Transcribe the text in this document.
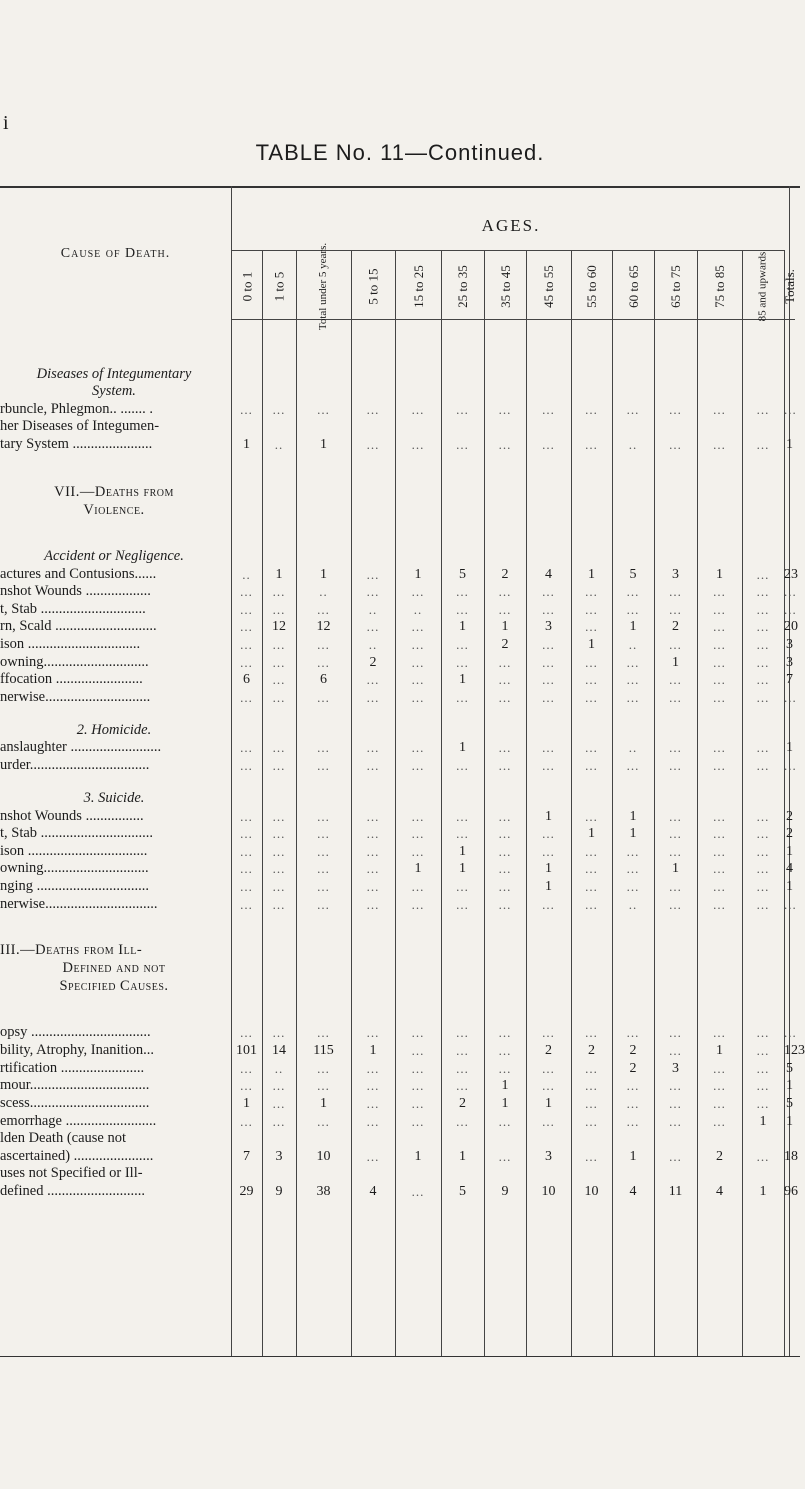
i
TABLE No. 11—Continued.
AGES.
Cause of Death.
0 to 1 1 to 5	Total under 5 years.	5 to 15 15 to 25 25 to 35 35 to 45 45 to 55 55 to 60 60 to 65 65 to 75 75 to 85	85 and upwards Totals.
Diseases of Integumentary
System.
rbuncle, Phlegmon.. ....... .	...	...	...	...	...	...	...	...	...	...	...	...	...	...
her Diseases of Integumen-
tary System ......................	1	..	1	...	...	...	...	...	...	..	...	...	...	1
VII.—Deaths from
Violence.
Accident or Negligence.
actures and Contusions......	..	1	1	...	1	5	2	4	1	5	3	1	...	23
nshot Wounds ..................	...	...	..	...	...	...	...	...	...	...	...	...	...	...
t, Stab .............................	...	...	...	..	..	...	...	...	...	...	...	...	...	...
rn, Scald ............................	...	12	12	...	...	1	1	3	...	1	2	...	...	20
ison ...............................	...	...	...	..	...	...	2	...	1	..	...	...	...	3
owning.............................	...	...	...	2	...	...	...	...	...	...	1	...	...	3
ffocation ........................	6	...	6	...	...	1	...	...	...	...	...	...	...	7
nerwise.............................	...	...	...	...	...	...	...	...	...	...	...	...	...	...
2. Homicide.
anslaughter .........................	...	...	...	...	...	1	...	...	...	..	...	...	...	1
urder.................................	...	...	...	...	...	...	...	...	...	...	...	...	...	...
3. Suicide.
nshot Wounds ................	...	...	...	...	...	...	...	1	...	1	...	...	...	2
t, Stab ...............................	...	...	...	...	...	...	...	...	1	1	...	...	...	2
ison .................................	...	...	...	...	...	1	...	...	...	...	...	...	...	1
owning.............................	...	...	...	...	1	1	...	1	...	...	1	...	...	4
nging ...............................	...	...	...	...	...	...	...	1	...	...	...	...	...	1
nerwise...............................	...	...	...	...	...	...	...	...	...	..	...	...	...	...
III.—Deaths from Ill-
Defined and not
Specified Causes.
opsy .................................	...	...	...	...	...	...	...	...	...	...	...	...	...	...
bility, Atrophy, Inanition...	101	14	115	1	...	...	...	2	2	2	...	1	...	123
rtification .......................	...	..	...	...	...	...	...	...	...	2	3	...	...	5
mour.................................	...	...	...	...	...	...	1	...	...	...	...	...	...	1
scess.................................	1	...	1	...	...	2	1	1	...	...	...	...	...	5
emorrhage .........................	...	...	...	...	...	...	...	...	...	...	...	...	1	1
lden Death (cause not
ascertained) ......................	7	3	10	...	1	1	...	3	...	1	...	2	...	18
uses not Specified or Ill-
defined ...........................	29	9	38	4	...	5	9	10	10	4	11	4	1	96
